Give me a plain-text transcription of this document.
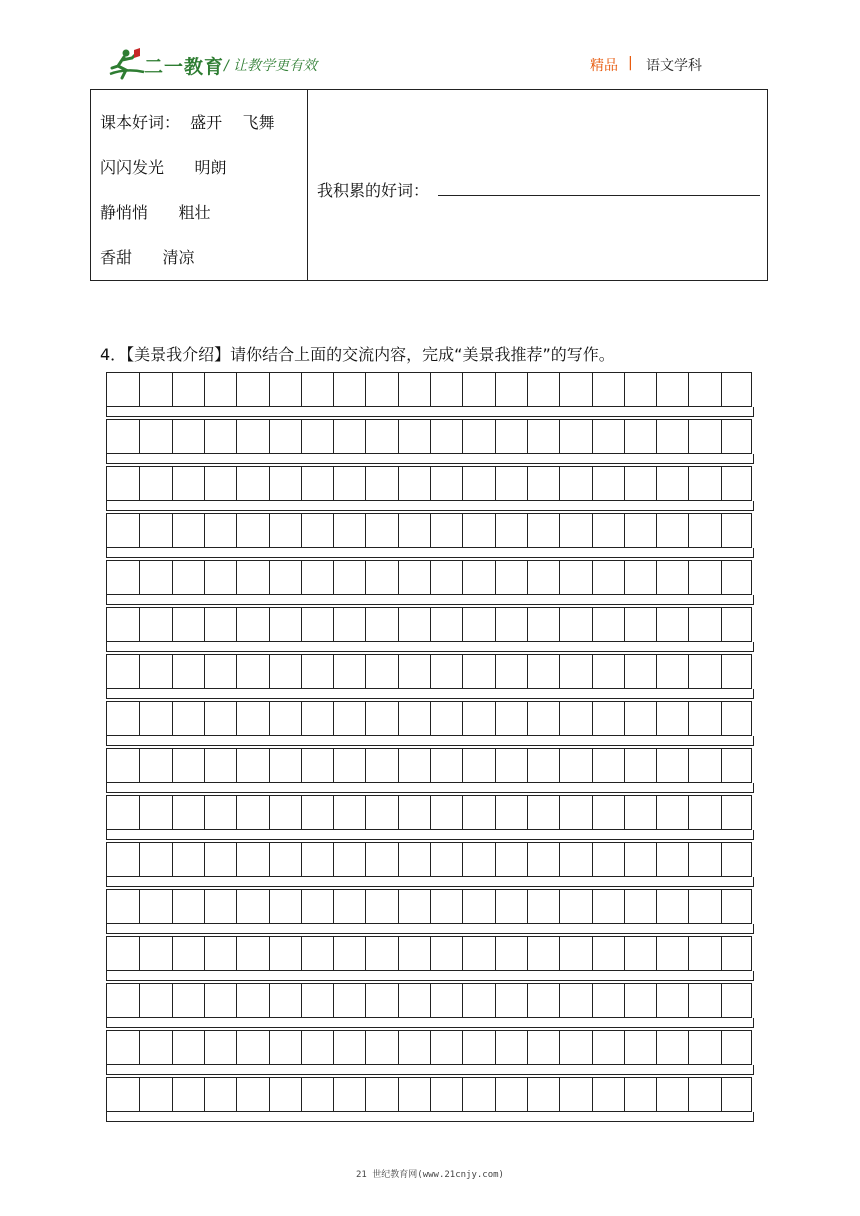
二一教育 / 让教学更有效	精品 | 语文学科
课本好词：  盛开    飞舞
闪闪发光      明朗
静悄悄      粗壮
香甜      清凉
我积累的好词：
4．【美景我介绍】请你结合上面的交流内容，完成“美景我推荐”的写作。
21 世纪教育网(www.21cnjy.com)
